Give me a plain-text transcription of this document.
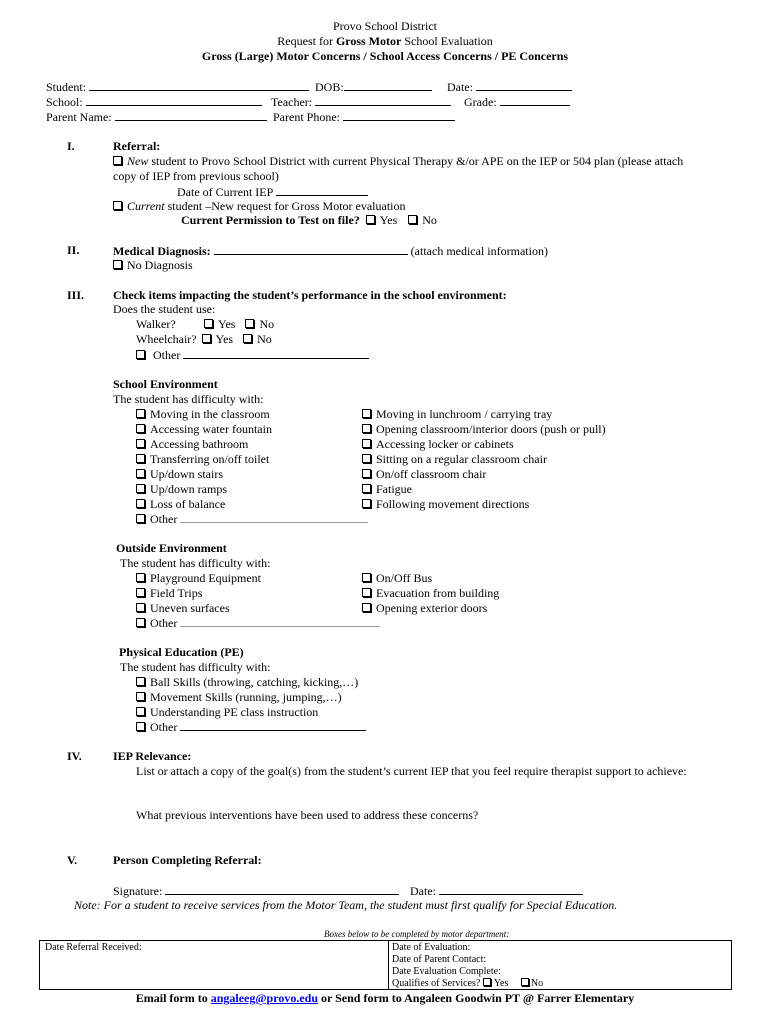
Provo School District
Request for Gross Motor School Evaluation
Gross (Large) Motor Concerns / School Access Concerns / PE Concerns
Student:	DOB:	Date:
School:	Teacher:	Grade:
Parent Name:	Parent Phone:
I.	Referral:
New student to Provo School District with current Physical Therapy &/or APE on the IEP or 504 plan (please attach
copy of IEP from previous school)
Date of Current IEP
Current student –New request for Gross Motor evaluation
Current Permission to Test on file? Yes No
II.	Medical Diagnosis:	(attach medical information)
No Diagnosis
III. Check items impacting the student’s performance in the school environment:
Does the student use:
Walker?	Yes No
Wheelchair? Yes No
Other
School Environment
The student has difficulty with:
Moving in the classroom
Accessing water fountain
Accessing bathroom
Transferring on/off toilet
Up/down stairs
Up/down ramps
Loss of balance
Other
Moving in lunchroom / carrying tray
Opening classroom/interior doors (push or pull)
Accessing locker or cabinets
Sitting on a regular classroom chair
On/off classroom chair
Fatigue
Following movement directions
Outside Environment
The student has difficulty with:
Playground Equipment
Field Trips
Uneven surfaces
Other
On/Off Bus
Evacuation from building
Opening exterior doors
Physical Education (PE)
The student has difficulty with:
Ball Skills (throwing, catching, kicking,…)
Movement Skills (running, jumping,…)
Understanding PE class instruction
Other
IV.	IEP Relevance:
List or attach a copy of the goal(s) from the student’s current IEP that you feel require therapist support to achieve:
What previous interventions have been used to address these concerns?
V.	Person Completing Referral:
Signature:	Date:
Note: For a student to receive services from the Motor Team, the student must first qualify for Special Education.
Boxes below to be completed by motor department:
Date Referral Received:	Date of Evaluation:
Date of Parent Contact:
Date Evaluation Complete:
Qualifies of Services? Yes No
Email form to angaleeg@provo.edu or Send form to Angaleen Goodwin PT @ Farrer Elementary
